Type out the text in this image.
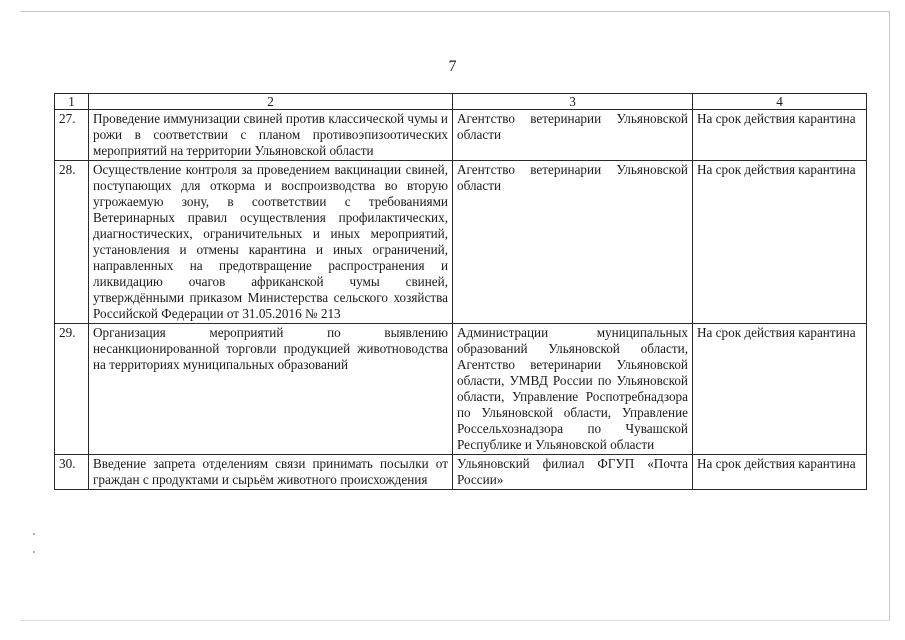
7
1	2	3	4
27.	Проведение иммунизации свиней против классической чумы и рожи в соответствии с планом противоэпизоотических мероприятий на территории Ульяновской области	Агентство ветеринарии Ульяновской области	На срок действия карантина
28.	Осуществление контроля за проведением вакцинации свиней, поступающих для откорма и воспроизводства во вторую угрожаемую зону, в соответствии с требованиями Ветеринарных правил осуществления профилактических, диагностических, ограничительных и иных мероприятий, установления и отмены карантина и иных ограничений, направленных на предотвращение распространения и ликвидацию очагов африканской чумы свиней, утверждёнными приказом Министерства сельского хозяйства Российской Федерации от 31.05.2016 № 213	Агентство ветеринарии Ульяновской области	На срок действия карантина
29.	Организация мероприятий по выявлению несанкционированной торговли продукцией животноводства на территориях муниципальных образований	Администрации муниципальных образований Ульяновской области, Агентство ветеринарии Ульяновской области, УМВД России по Ульяновской области, Управление Роспотребнадзора по Ульяновской области, Управление Россельхознадзора по Чувашской Республике и Ульяновской области	На срок действия карантина
30.	Введение запрета отделениям связи принимать посылки от граждан с продуктами и сырьём животного происхождения	Ульяновский филиал ФГУП «Почта России»	На срок действия карантина
